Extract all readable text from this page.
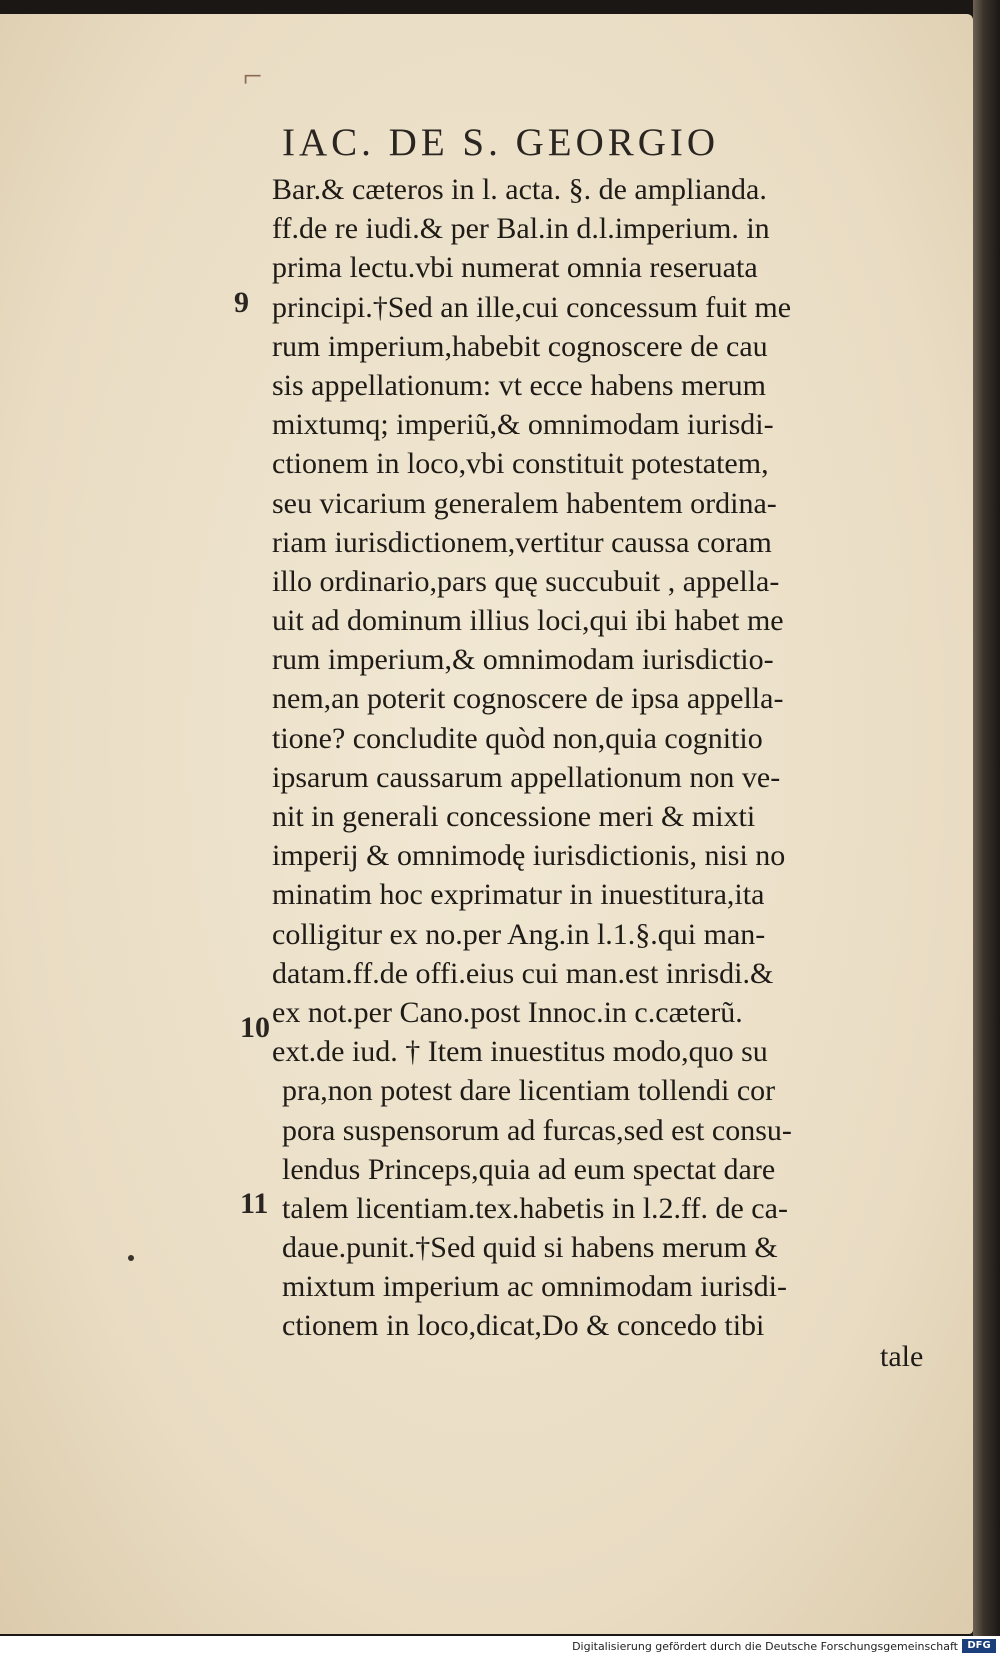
⌐
IAC. DE S. GEORGIO
Bar.& cæteros in l. acta. §. de amplianda.
ff.de re iudi.& per Bal.in d.l.imperium. in
prima lectu.vbi numerat omnia reseruata
principi.†Sed an ille,cui concessum fuit me
rum imperium,habebit cognoscere de cau
sis appellationum: vt ecce habens merum
mixtumq; imperiũ,& omnimodam iurisdi-
ctionem in loco,vbi constituit potestatem,
seu vicarium generalem habentem ordina-
riam iurisdictionem,vertitur caussa coram
illo ordinario,pars quę succubuit , appella-
uit ad dominum illius loci,qui ibi habet me
rum imperium,& omnimodam iurisdictio-
nem,an poterit cognoscere de ipsa appella-
tione? concludite quòd non,quia cognitio
ipsarum caussarum appellationum non ve-
nit in generali concessione meri & mixti
imperij & omnimodę iurisdictionis, nisi no
minatim hoc exprimatur in inuestitura,ita
colligitur ex no.per Ang.in l.1.§.qui man-
datam.ff.de offi.eius cui man.est inrisdi.&
ex not.per Cano.post Innoc.in c.cæterũ.
ext.de iud. † Item inuestitus modo,quo su
pra,non potest dare licentiam tollendi cor
pora suspensorum ad furcas,sed est consu-
lendus Princeps,quia ad eum spectat dare
talem licentiam.tex.habetis in l.2.ff. de ca-
daue.punit.†Sed quid si habens merum &
mixtum imperium ac omnimodam iurisdi-
ctionem in loco,dicat,Do & concedo tibi
9
10
11
tale
Digitalisierung gefördert durch die Deutsche Forschungsgemeinschaft DFG
